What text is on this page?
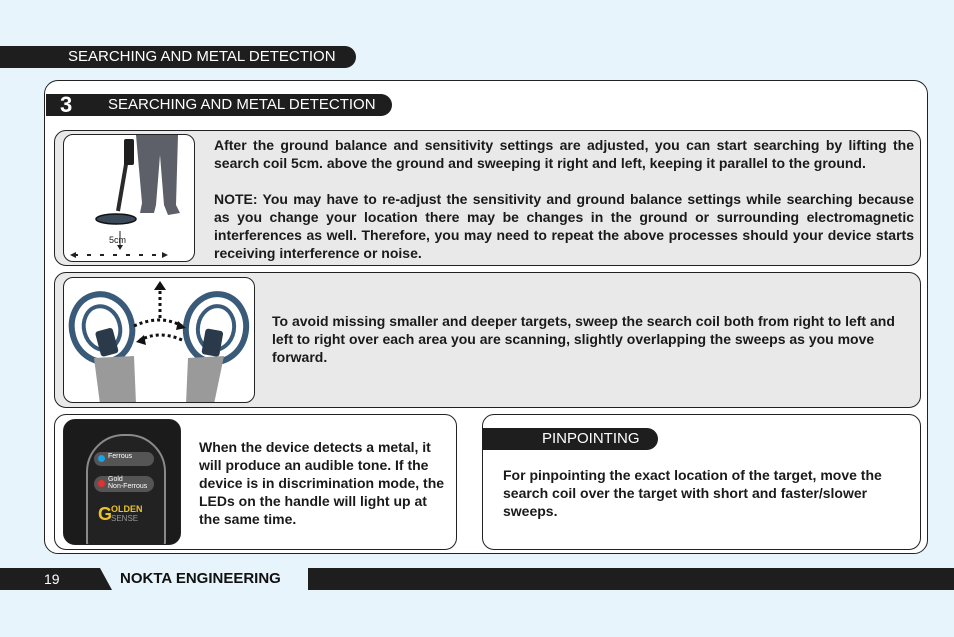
SEARCHING AND METAL DETECTION
3 SEARCHING AND METAL DETECTION
5cm

After the ground balance and sensitivity settings are adjusted, you can start searching by lifting the search coil 5cm. above the ground and sweeping it right and left, keeping it parallel to the ground.

NOTE: You may have to re-adjust the sensitivity and ground balance settings while searching because as you change your location there may be changes in the ground or surrounding electromagnetic interferences as well. Therefore, you may need to repeat the above processes should your device starts receiving interference or noise.

To avoid missing smaller and deeper targets, sweep the search coil both from right to left and left to right over each area you are scanning, slightly overlapping the sweeps as you move forward.
Ferrous
Gold
Non-Ferrous
G
OLDEN
SENSE
When the device detects a metal, it will produce an audible tone. If the device is in discrimination mode, the LEDs on the handle will light up at the same time.
PINPOINTING
For pinpointing the exact location of the target, move the search coil over the target with short and faster/slower sweeps.
19	NOKTA ENGINEERING
